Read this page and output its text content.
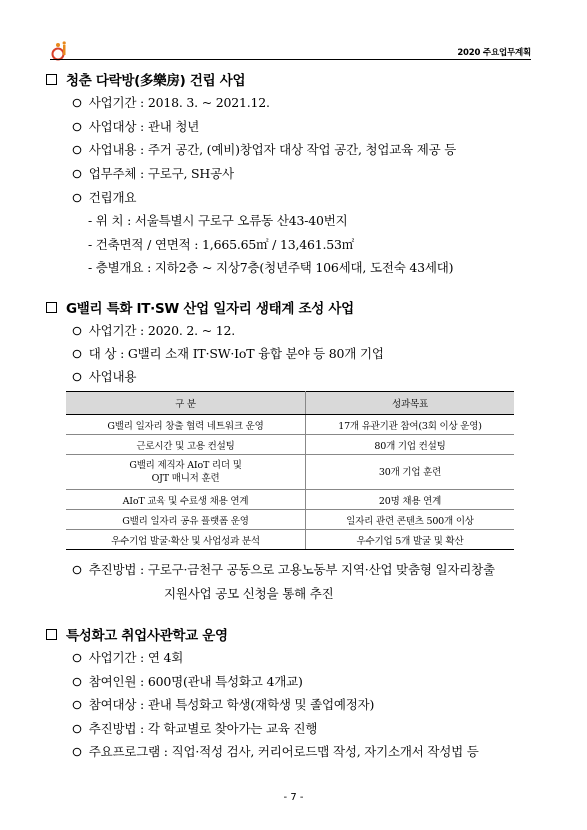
2020 주요업무계획
청춘 다락방(多樂房) 건립 사업
사업기간 : 2018. 3. ~ 2021.12.
사업대상 : 관내 청년
사업내용 : 주거 공간, (예비)창업자 대상 작업 공간, 청업교육 제공 등
업무주체 : 구로구, SH공사
건립개요
- 위 치 : 서울특별시 구로구 오류동 산43-40번지
- 건축면적 / 연면적 : 1,665.65㎡ / 13,461.53㎡
- 층별개요 : 지하2층 ~ 지상7층(청년주택 106세대, 도전숙 43세대)
G밸리 특화 IT·SW 산업 일자리 생태계 조성 사업
사업기간 : 2020. 2. ~ 12.
대 상 : G밸리 소재 IT·SW·IoT 융합 분야 등 80개 기업
사업내용
구 분	성과목표
G밸리 일자리 창출 협력 네트워크 운영	17개 유관기관 참여(3회 이상 운영)
근로시간 및 고용 컨설팅	80개 기업 컨설팅
G밸리 제직자 AIoT 리더 및
OJT 매니저 훈련	30개 기업 훈련
AIoT 교육 및 수료생 채용 연계	20명 채용 연계
G밸리 일자리 공유 플랫폼 운영	일자리 관련 콘텐츠 500개 이상
우수기업 발굴·확산 및 사업성과 분석	우수기업 5개 발굴 및 확산
추진방법 : 구로구·금천구 공동으로 고용노동부 지역·산업 맞춤형 일자리창출
지원사업 공모 신청을 통해 추진
특성화고 취업사관학교 운영
사업기간 : 연 4회
참여인원 : 600명(관내 특성화고 4개교)
참여대상 : 관내 특성화고 학생(재학생 및 졸업예정자)
추진방법 : 각 학교별로 찾아가는 교육 진행
주요프로그램 : 직업·적성 검사, 커리어로드맵 작성, 자기소개서 작성법 등
- 7 -
